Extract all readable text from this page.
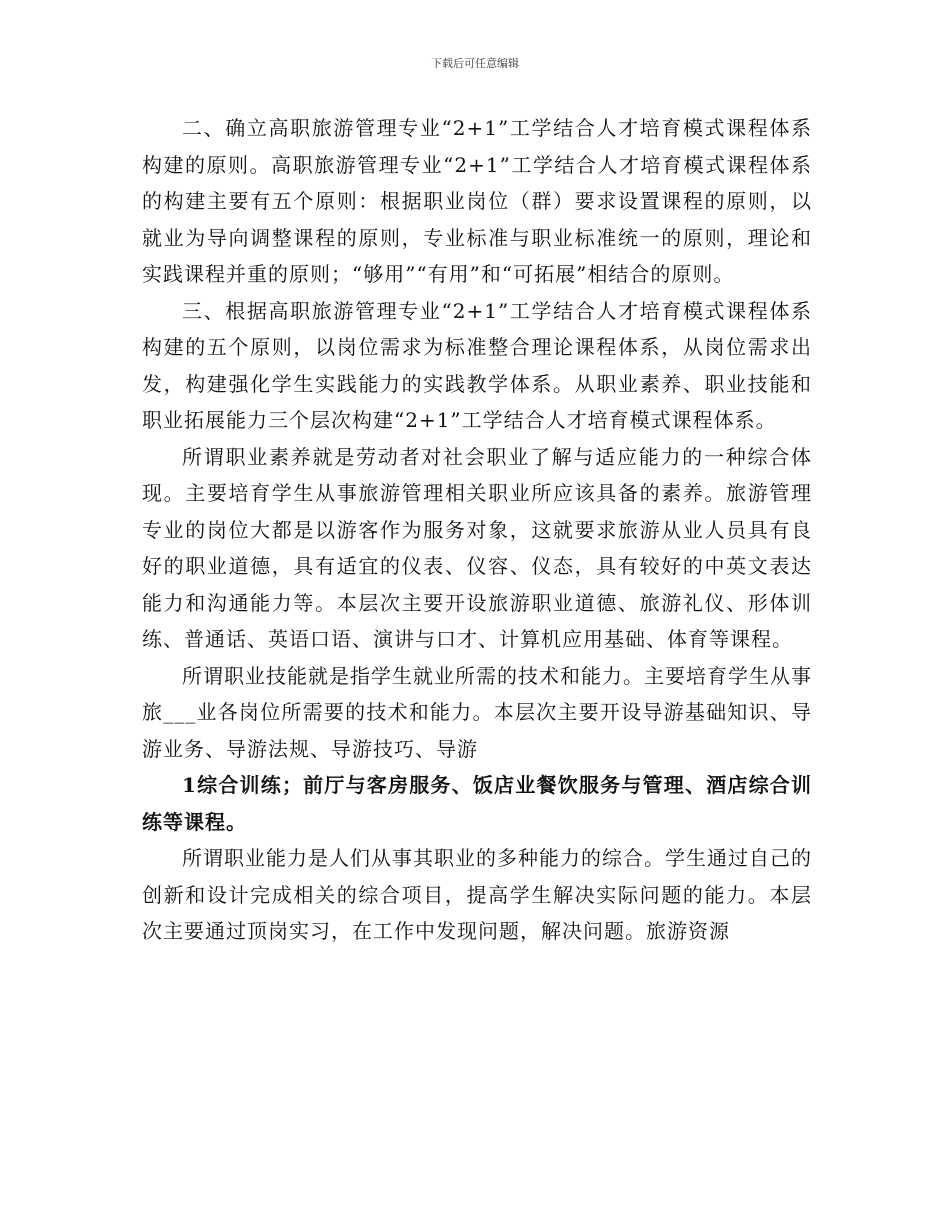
下载后可任意编辑

二、确立高职旅游管理专业“2+1”工学结合人才培育模式课程体系构建的原则。高职旅游管理专业“2+1”工学结合人才培育模式课程体系的构建主要有五个原则：根据职业岗位（群）要求设置课程的原则，以就业为导向调整课程的原则，专业标准与职业标准统一的原则，理论和实践课程并重的原则；“够用”“有用”和“可拓展”相结合的原则。

三、根据高职旅游管理专业“2+1”工学结合人才培育模式课程体系构建的五个原则，以岗位需求为标准整合理论课程体系，从岗位需求出发，构建强化学生实践能力的实践教学体系。从职业素养、职业技能和职业拓展能力三个层次构建“2+1”工学结合人才培育模式课程体系。

所谓职业素养就是劳动者对社会职业了解与适应能力的一种综合体现。主要培育学生从事旅游管理相关职业所应该具备的素养。旅游管理专业的岗位大都是以游客作为服务对象，这就要求旅游从业人员具有良好的职业道德，具有适宜的仪表、仪容、仪态，具有较好的中英文表达能力和沟通能力等。本层次主要开设旅游职业道德、旅游礼仪、形体训练、普通话、英语口语、演讲与口才、计算机应用基础、体育等课程。

所谓职业技能就是指学生就业所需的技术和能力。主要培育学生从事旅___业各岗位所需要的技术和能力。本层次主要开设导游基础知识、导游业务、导游法规、导游技巧、导游

1综合训练；前厅与客房服务、饭店业餐饮服务与管理、酒店综合训练等课程。

所谓职业能力是人们从事其职业的多种能力的综合。学生通过自己的创新和设计完成相关的综合项目，提高学生解决实际问题的能力。本层次主要通过顶岗实习，在工作中发现问题，解决问题。旅游资源
